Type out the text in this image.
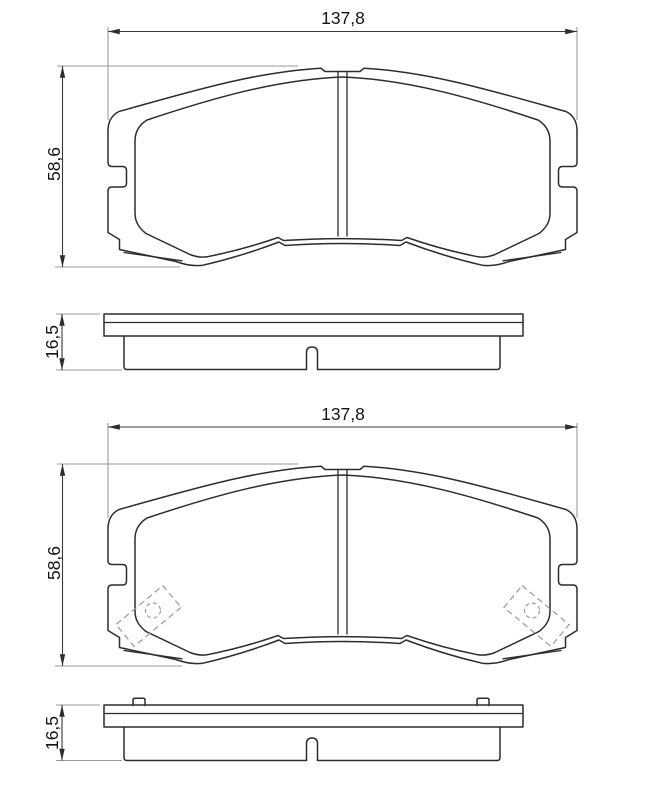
137,8
58,6
16,5
137,8
58,6
16,5
